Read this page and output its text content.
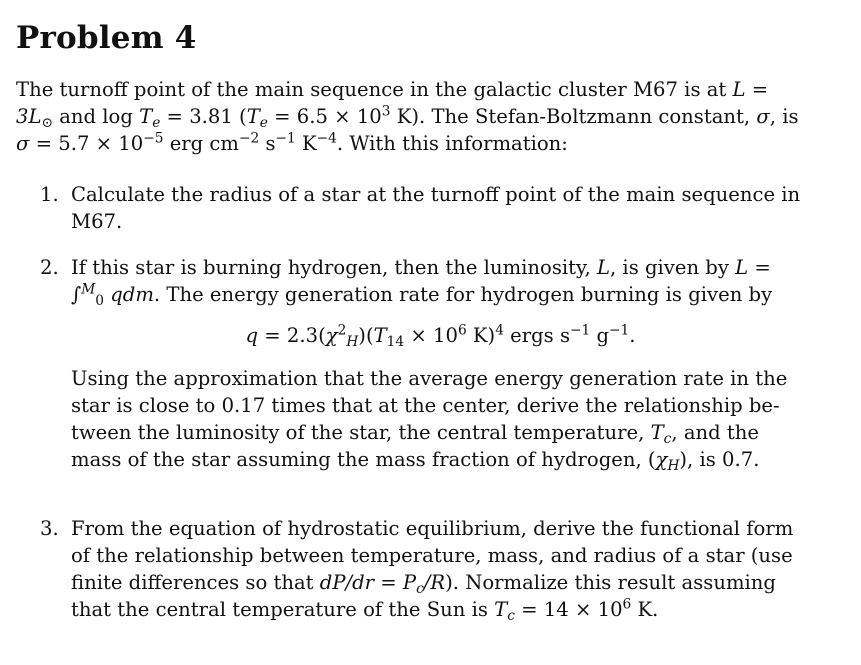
Problem 4
The turnoff point of the main sequence in the galactic cluster M67 is at $L = 3L_⊙$ and $\log T_e = 3.81$ ($T_e = 6.5 \times 10^3$ K). The Stefan-Boltzmann constant, σ, is $\sigma = 5.7 \times 10^{-5}$ erg $cm^{-2}$ $s^{-1}$ $K^{-4}$. With this information:
1. Calculate the radius of a star at the turnoff point of the main sequence in M67.
2. If this star is burning hydrogen, then the luminosity, L, is given by L = ∫$^M_0$ qdm. The energy generation rate for hydrogen burning is given by

$q = 2.3(\chi^2_H)(T_{14} \times 10^6$ K)$^4$ ergs $s^{-1}$ $g^{-1}$.

Using the approximation that the average energy generation rate in the star is close to 0.17 times that at the center, derive the relationship be- tween the luminosity of the star, the central temperature, $T_c$, and the mass of the star assuming the mass fraction of hydrogen, $(\chi_H)$, is 0.7.

3. From the equation of hydrostatic equilibrium, derive the functional form of the relationship between temperature, mass, and radius of a star (use finite differences so that $dP/dr = P_c/R$). Normalize this result assuming that the central temperature of the Sun is $T_c = 14 \times 10^6$ K.
